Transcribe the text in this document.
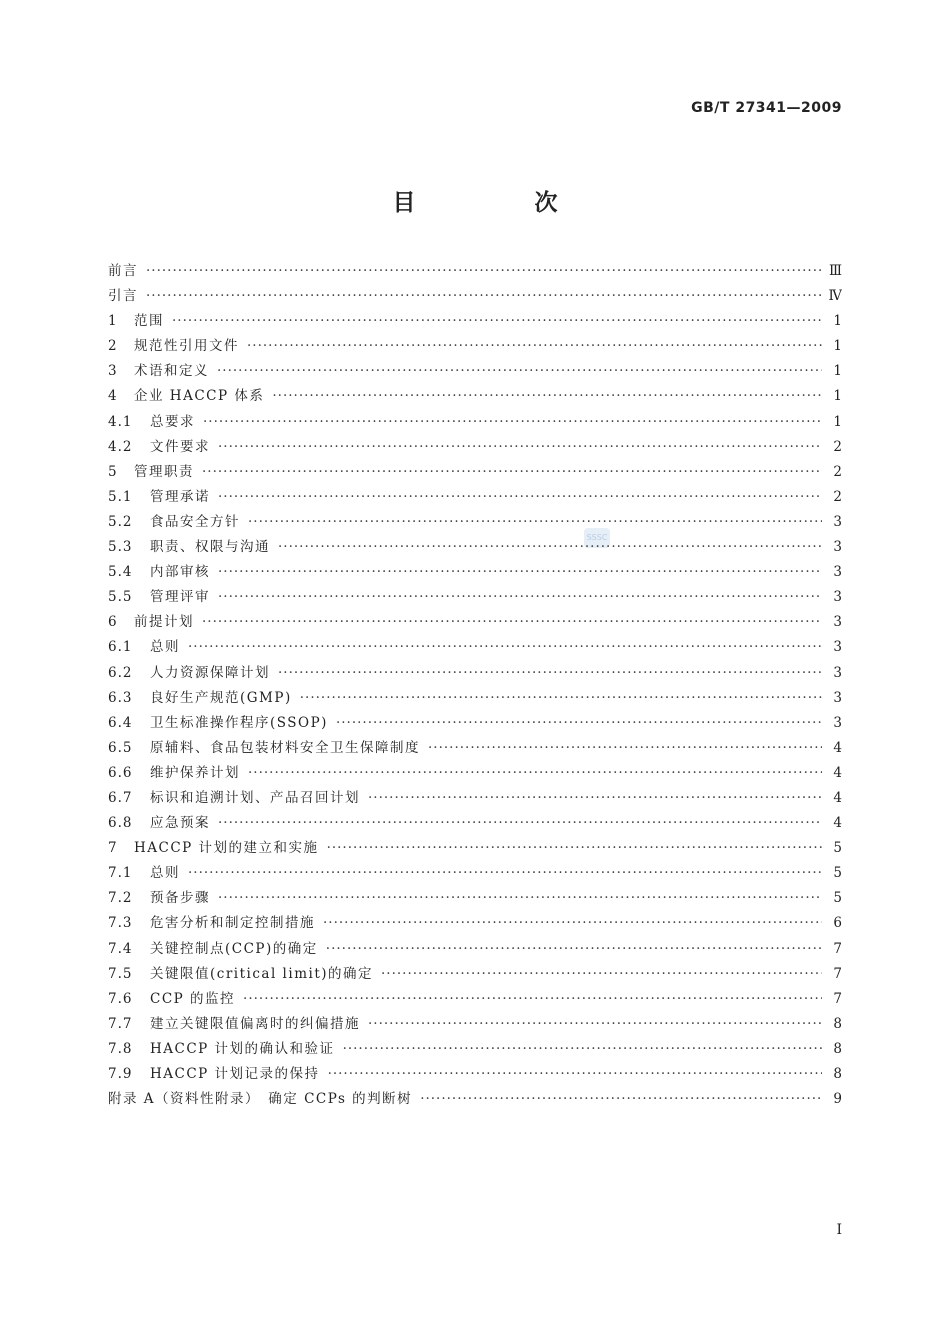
GB/T 27341—2009
目　次
SSSC
前言 ·····	Ⅲ
引言 ·····	Ⅳ
1	范围 ·····	1
2	规范性引用文件 ·····	1
3	术语和定义 ·····	1
4	企业 HACCP 体系 ·····	1
4.1	总要求 ·····	1
4.2	文件要求 ·····	2
5	管理职责 ·····	2
5.1	管理承诺 ·····	2
5.2	食品安全方针 ·····	3
5.3	职责、权限与沟通 ·····	3
5.4	内部审核 ·····	3
5.5	管理评审 ·····	3
6	前提计划 ·····	3
6.1	总则 ·····	3
6.2	人力资源保障计划 ·····	3
6.3	良好生产规范(GMP) ·····	3
6.4	卫生标准操作程序(SSOP) ·····	3
6.5	原辅料、食品包装材料安全卫生保障制度 ·····	4
6.6	维护保养计划 ·····	4
6.7	标识和追溯计划、产品召回计划 ·····	4
6.8	应急预案 ·····	4
7	HACCP 计划的建立和实施 ·····	5
7.1	总则 ·····	5
7.2	预备步骤 ·····	5
7.3	危害分析和制定控制措施 ·····	6
7.4	关键控制点(CCP)的确定 ·····	7
7.5	关键限值(critical limit)的确定 ·····	7
7.6	CCP 的监控 ·····	7
7.7	建立关键限值偏离时的纠偏措施 ·····	8
7.8	HACCP 计划的确认和验证 ·····	8
7.9	HACCP 计划记录的保持 ·····	8
附录 A（资料性附录）　确定 CCPs 的判断树 ·····	9
I
